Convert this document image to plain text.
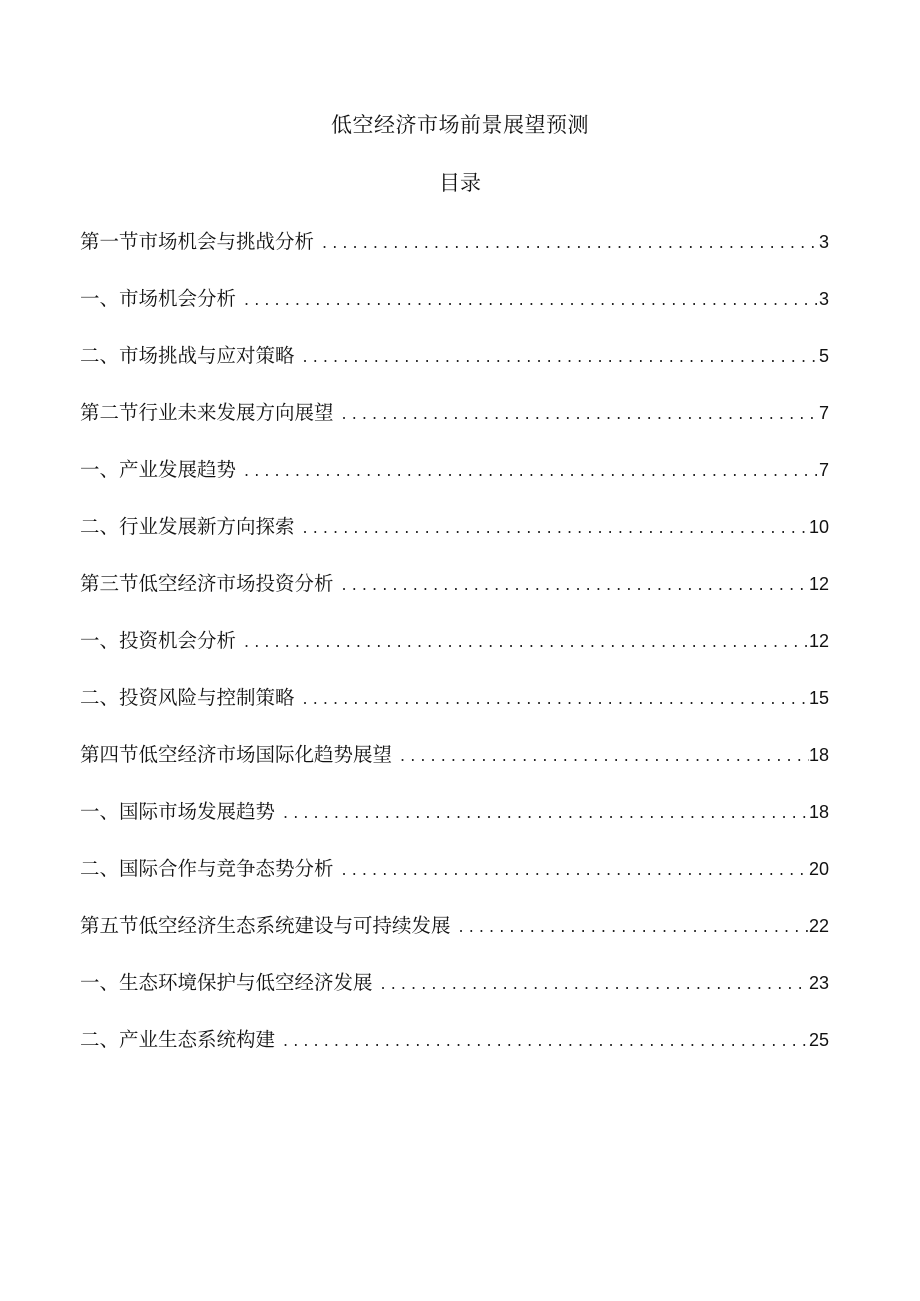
低空经济市场前景展望预测
目录
第一节市场机会与挑战分析 . . .	3
一、市场机会分析 . . .	3
二、市场挑战与应对策略 . . .	5
第二节行业未来发展方向展望 . . .	7
一、产业发展趋势 . . .	7
二、行业发展新方向探索 . . .	10
第三节低空经济市场投资分析 . . .	12
一、投资机会分析 . . .	12
二、投资风险与控制策略 . . .	15
第四节低空经济市场国际化趋势展望 . . .	18
一、国际市场发展趋势 . . .	18
二、国际合作与竞争态势分析 . . .	20
第五节低空经济生态系统建设与可持续发展 . . .	22
一、生态环境保护与低空经济发展 . . .	23
二、产业生态系统构建 . . .	25
